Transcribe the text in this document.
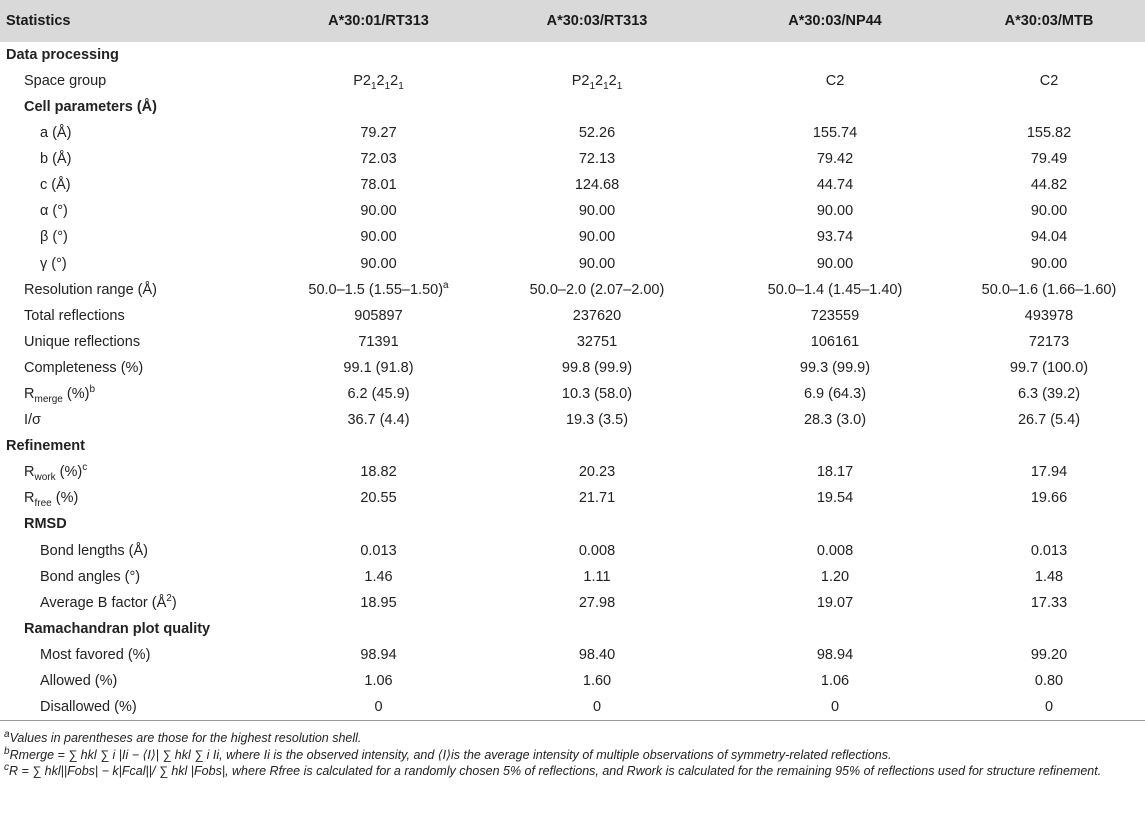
Statistics	A*30:01/RT313	A*30:03/RT313	A*30:03/NP44	A*30:03/MTB
Data processing				
Space group	$P2_12_12_1$	$P2_12_12_1$	C2	C2
Cell parameters (Å)				
a (Å)	79.27	52.26	155.74	155.82
b (Å)	72.03	72.13	79.42	79.49
c (Å)	78.01	124.68	44.74	44.82
α (°)	90.00	90.00	90.00	90.00
β (°)	90.00	90.00	93.74	94.04
γ (°)	90.00	90.00	90.00	90.00
Resolution range (Å)	50.0–1.5 $(1.55-1.50)^a$	50.0–2.0 (2.07–2.00)	50.0–1.4 (1.45–1.40)	50.0–1.6 (1.66–1.60)
Total reflections	905897	237620	723559	493978
Unique reflections	71391	32751	106161	72173
Completeness (%)	99.1 (91.8)	99.8 (99.9)	99.3 (99.9)	99.7 (100.0)
$R_{merge}$ (%)$^b$	6.2 (45.9)	10.3 (58.0)	6.9 (64.3)	6.3 (39.2)
I/σ	36.7 (4.4)	19.3 (3.5)	28.3 (3.0)	26.7 (5.4)
Refinement				
$R_{work}$ (%)$^c$	18.82	20.23	18.17	17.94
$R_{free}$ (%)	20.55	21.71	19.54	19.66
RMSD				
Bond lengths (Å)	0.013	0.008	0.008	0.013
Bond angles (°)	1.46	1.11	1.20	1.48
Average B factor $(Å^2)$	18.95	27.98	19.07	17.33
Ramachandran plot quality				
Most favored (%)	98.94	98.40	98.94	99.20
Allowed (%)	1.06	1.60	1.06	0.80
Disallowed (%)	0	0	0	0

$^a$Values in parentheses are those for the highest resolution shell.

$^b$Rmerge = ∑ hkl ∑ i |Ii − ⟨I⟩| ∑ hkl ∑ i Ii, where Ii is the observed intensity, and ⟨I⟩is the average intensity of multiple observations of symmetry-related reflections.

$^c$R = ∑ hkl||Fobs| − k|Fcal||/ ∑ hkl |Fobs|, where Rfree is calculated for a randomly chosen 5% of reflections, and Rwork is calculated for the remaining 95% of reflections used for structure refinement.
